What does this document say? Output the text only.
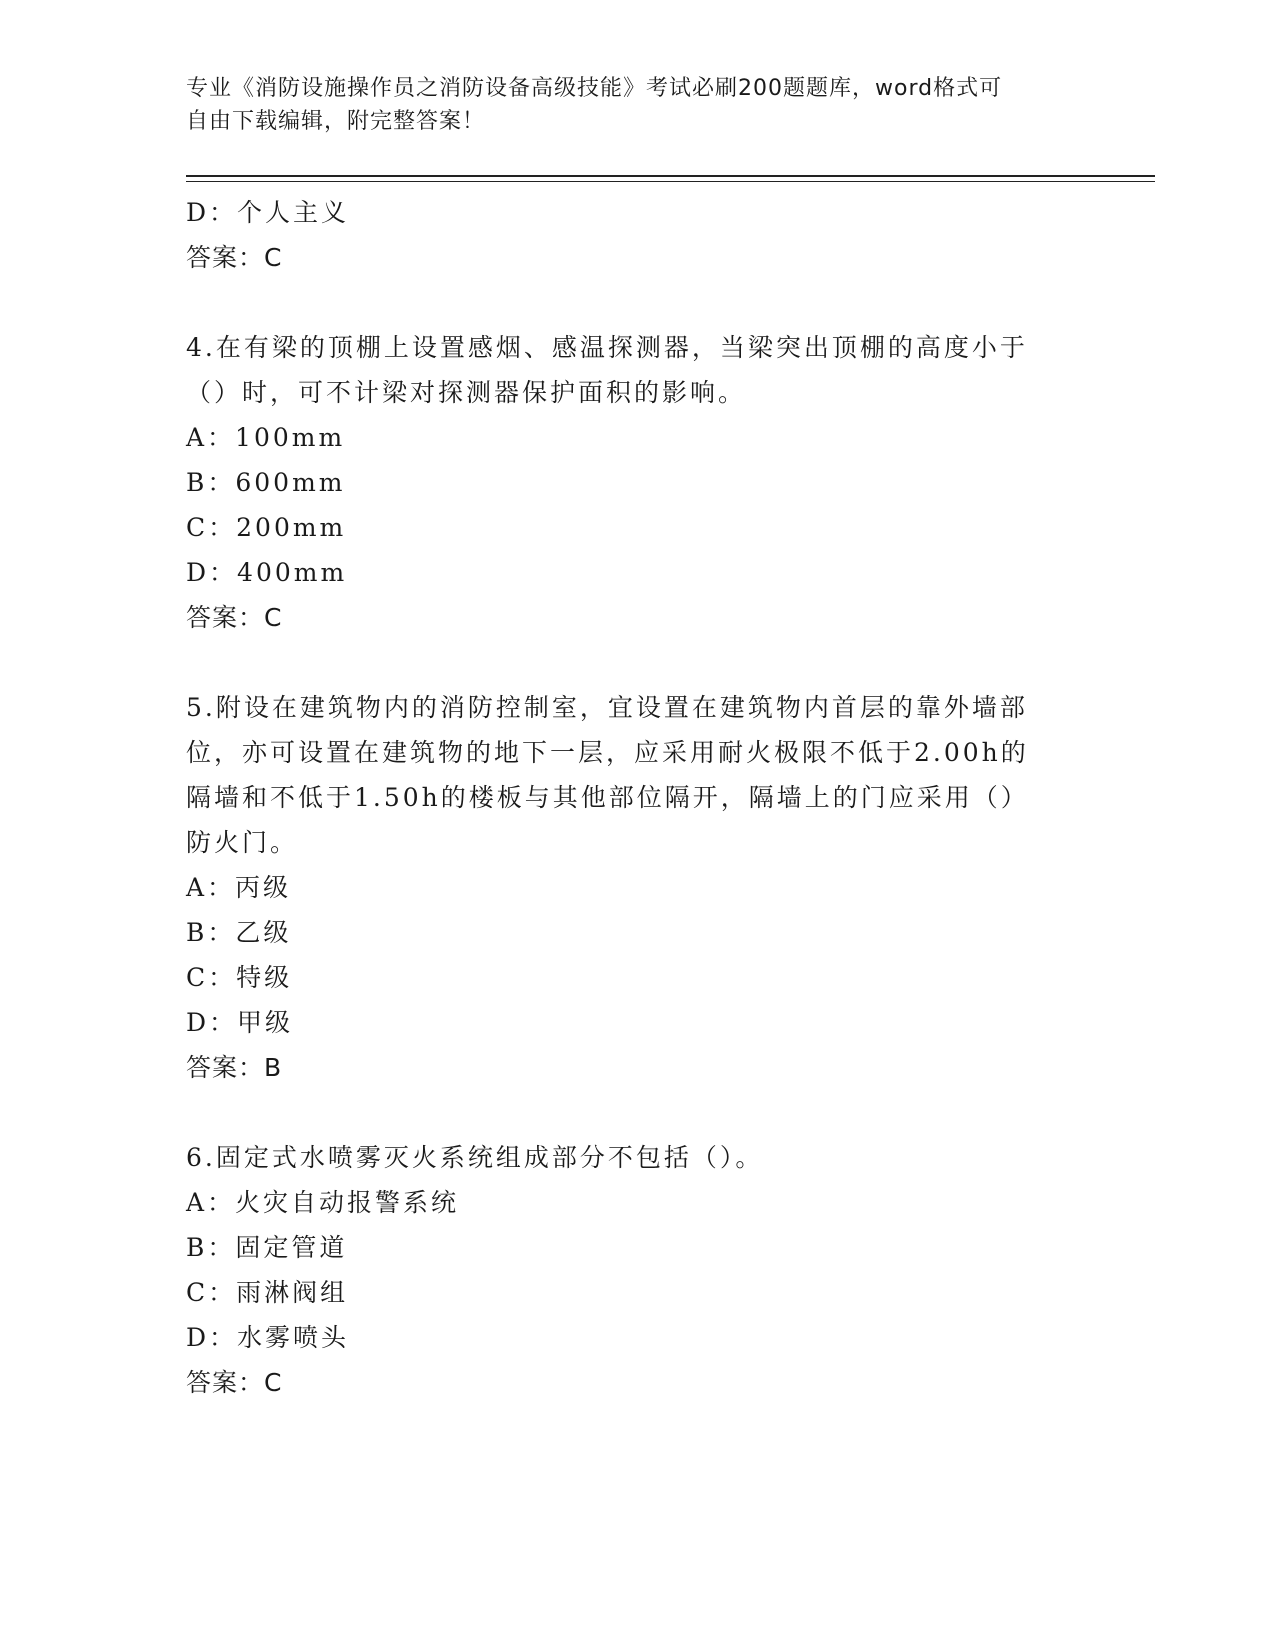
专业《消防设施操作员之消防设备高级技能》考试必刷200题题库，word格式可
自由下载编辑，附完整答案！
D：个人主义
答案：C
4.在有梁的顶棚上设置感烟、感温探测器，当梁突出顶棚的高度小于
（）时，可不计梁对探测器保护面积的影响。
A：100mm
B：600mm
C：200mm
D：400mm
答案：C
5.附设在建筑物内的消防控制室，宜设置在建筑物内首层的靠外墙部
位，亦可设置在建筑物的地下一层，应采用耐火极限不低于2.00h的
隔墙和不低于1.50h的楼板与其他部位隔开，隔墙上的门应采用（）
防火门。
A：丙级
B：乙级
C：特级
D：甲级
答案：B
6.固定式水喷雾灭火系统组成部分不包括（）。
A：火灾自动报警系统
B：固定管道
C：雨淋阀组
D：水雾喷头
答案：C
